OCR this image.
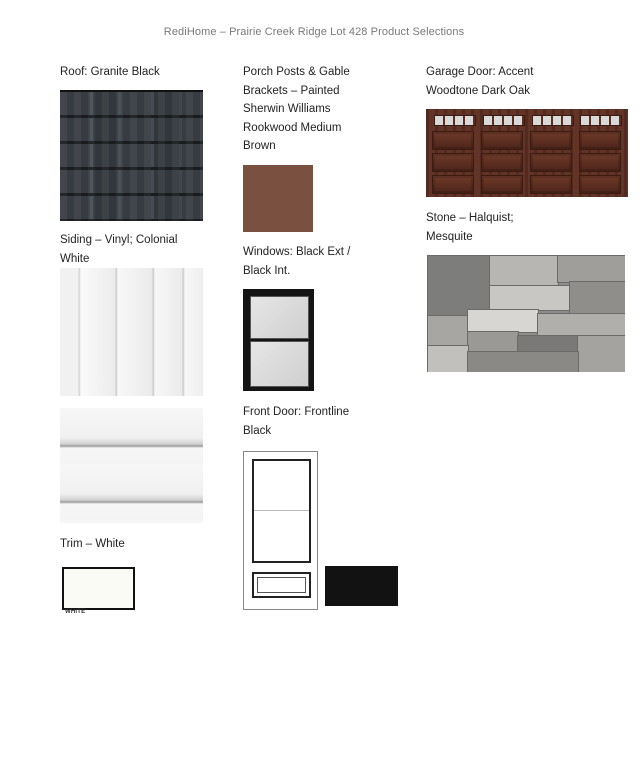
RediHome – Prairie Creek Ridge Lot 428 Product Selections
Roof: Granite Black
Siding – Vinyl; Colonial
White
Trim – White
WHITE
Porch Posts & Gable
Brackets – Painted
Sherwin Williams
Rookwood Medium
Brown
Windows: Black Ext /
Black Int.
Front Door: Frontline
Black
Garage Door: Accent
Woodtone Dark Oak
Stone – Halquist;
Mesquite
